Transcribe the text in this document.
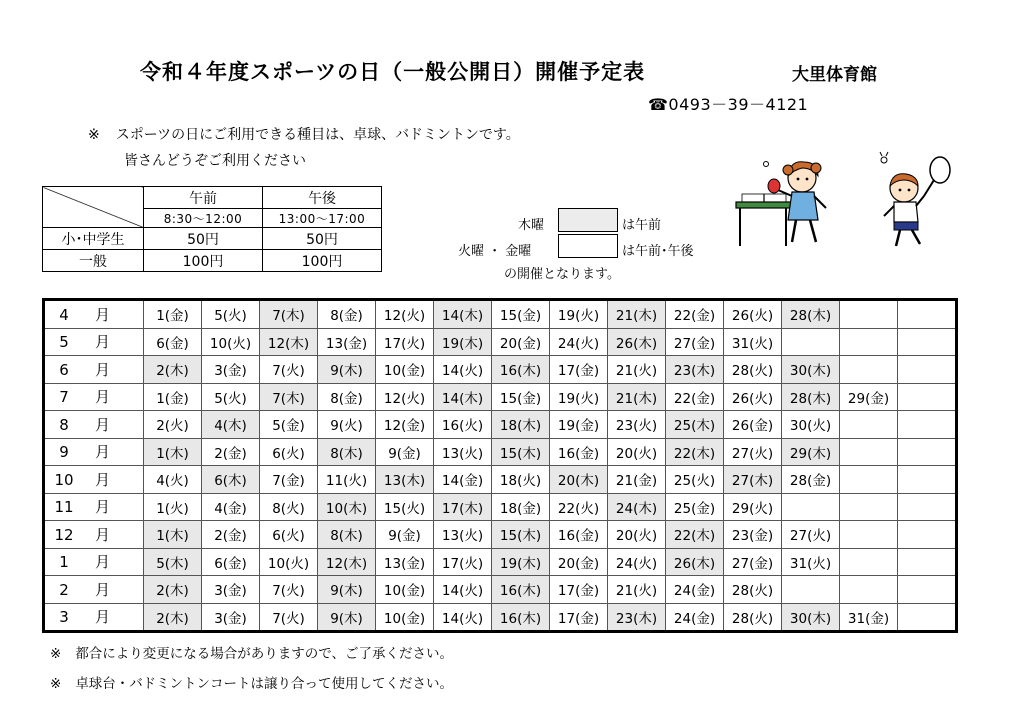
令和４年度スポーツの日（一般公開日）開催予定表	大里体育館
☎0493－39－4121
※ スポーツの日にご利用できる種目は、卓球、バドミントンです。
皆さんどうぞご利用ください
	午前	午後
	8:30～12:00	13:00～17:00
小･中学生	50円	50円
一般	100円	100円
木曜	は午前
火曜 ・ 金曜	は午前･午後
の開催となります。
4 月	1(金)	5(火)	7(木)	8(金)	12(火)	14(木)	15(金)	19(火)	21(木)	22(金)	26(火)	28(木)		
5 月	6(金)	10(火)	12(木)	13(金)	17(火)	19(木)	20(金)	24(火)	26(木)	27(金)	31(火)			
6 月	2(木)	3(金)	7(火)	9(木)	10(金)	14(火)	16(木)	17(金)	21(火)	23(木)	28(火)	30(木)		
7 月	1(金)	5(火)	7(木)	8(金)	12(火)	14(木)	15(金)	19(火)	21(木)	22(金)	26(火)	28(木)	29(金)	
8 月	2(火)	4(木)	5(金)	9(火)	12(金)	16(火)	18(木)	19(金)	23(火)	25(木)	26(金)	30(火)		
9 月	1(木)	2(金)	6(火)	8(木)	9(金)	13(火)	15(木)	16(金)	20(火)	22(木)	27(火)	29(木)		
10 月	4(火)	6(木)	7(金)	11(火)	13(木)	14(金)	18(火)	20(木)	21(金)	25(火)	27(木)	28(金)		
11 月	1(火)	4(金)	8(火)	10(木)	15(火)	17(木)	18(金)	22(火)	24(木)	25(金)	29(火)			
12 月	1(木)	2(金)	6(火)	8(木)	9(金)	13(火)	15(木)	16(金)	20(火)	22(木)	23(金)	27(火)		
1 月	5(木)	6(金)	10(火)	12(木)	13(金)	17(火)	19(木)	20(金)	24(火)	26(木)	27(金)	31(火)		
2 月	2(木)	3(金)	7(火)	9(木)	10(金)	14(火)	16(木)	17(金)	21(火)	24(金)	28(火)			
3 月	2(木)	3(金)	7(火)	9(木)	10(金)	14(火)	16(木)	17(金)	23(木)	24(金)	28(火)	30(木)	31(金)	
※ 都合により変更になる場合がありますので、ご了承ください。
※ 卓球台・バドミントンコートは譲り合って使用してください。
